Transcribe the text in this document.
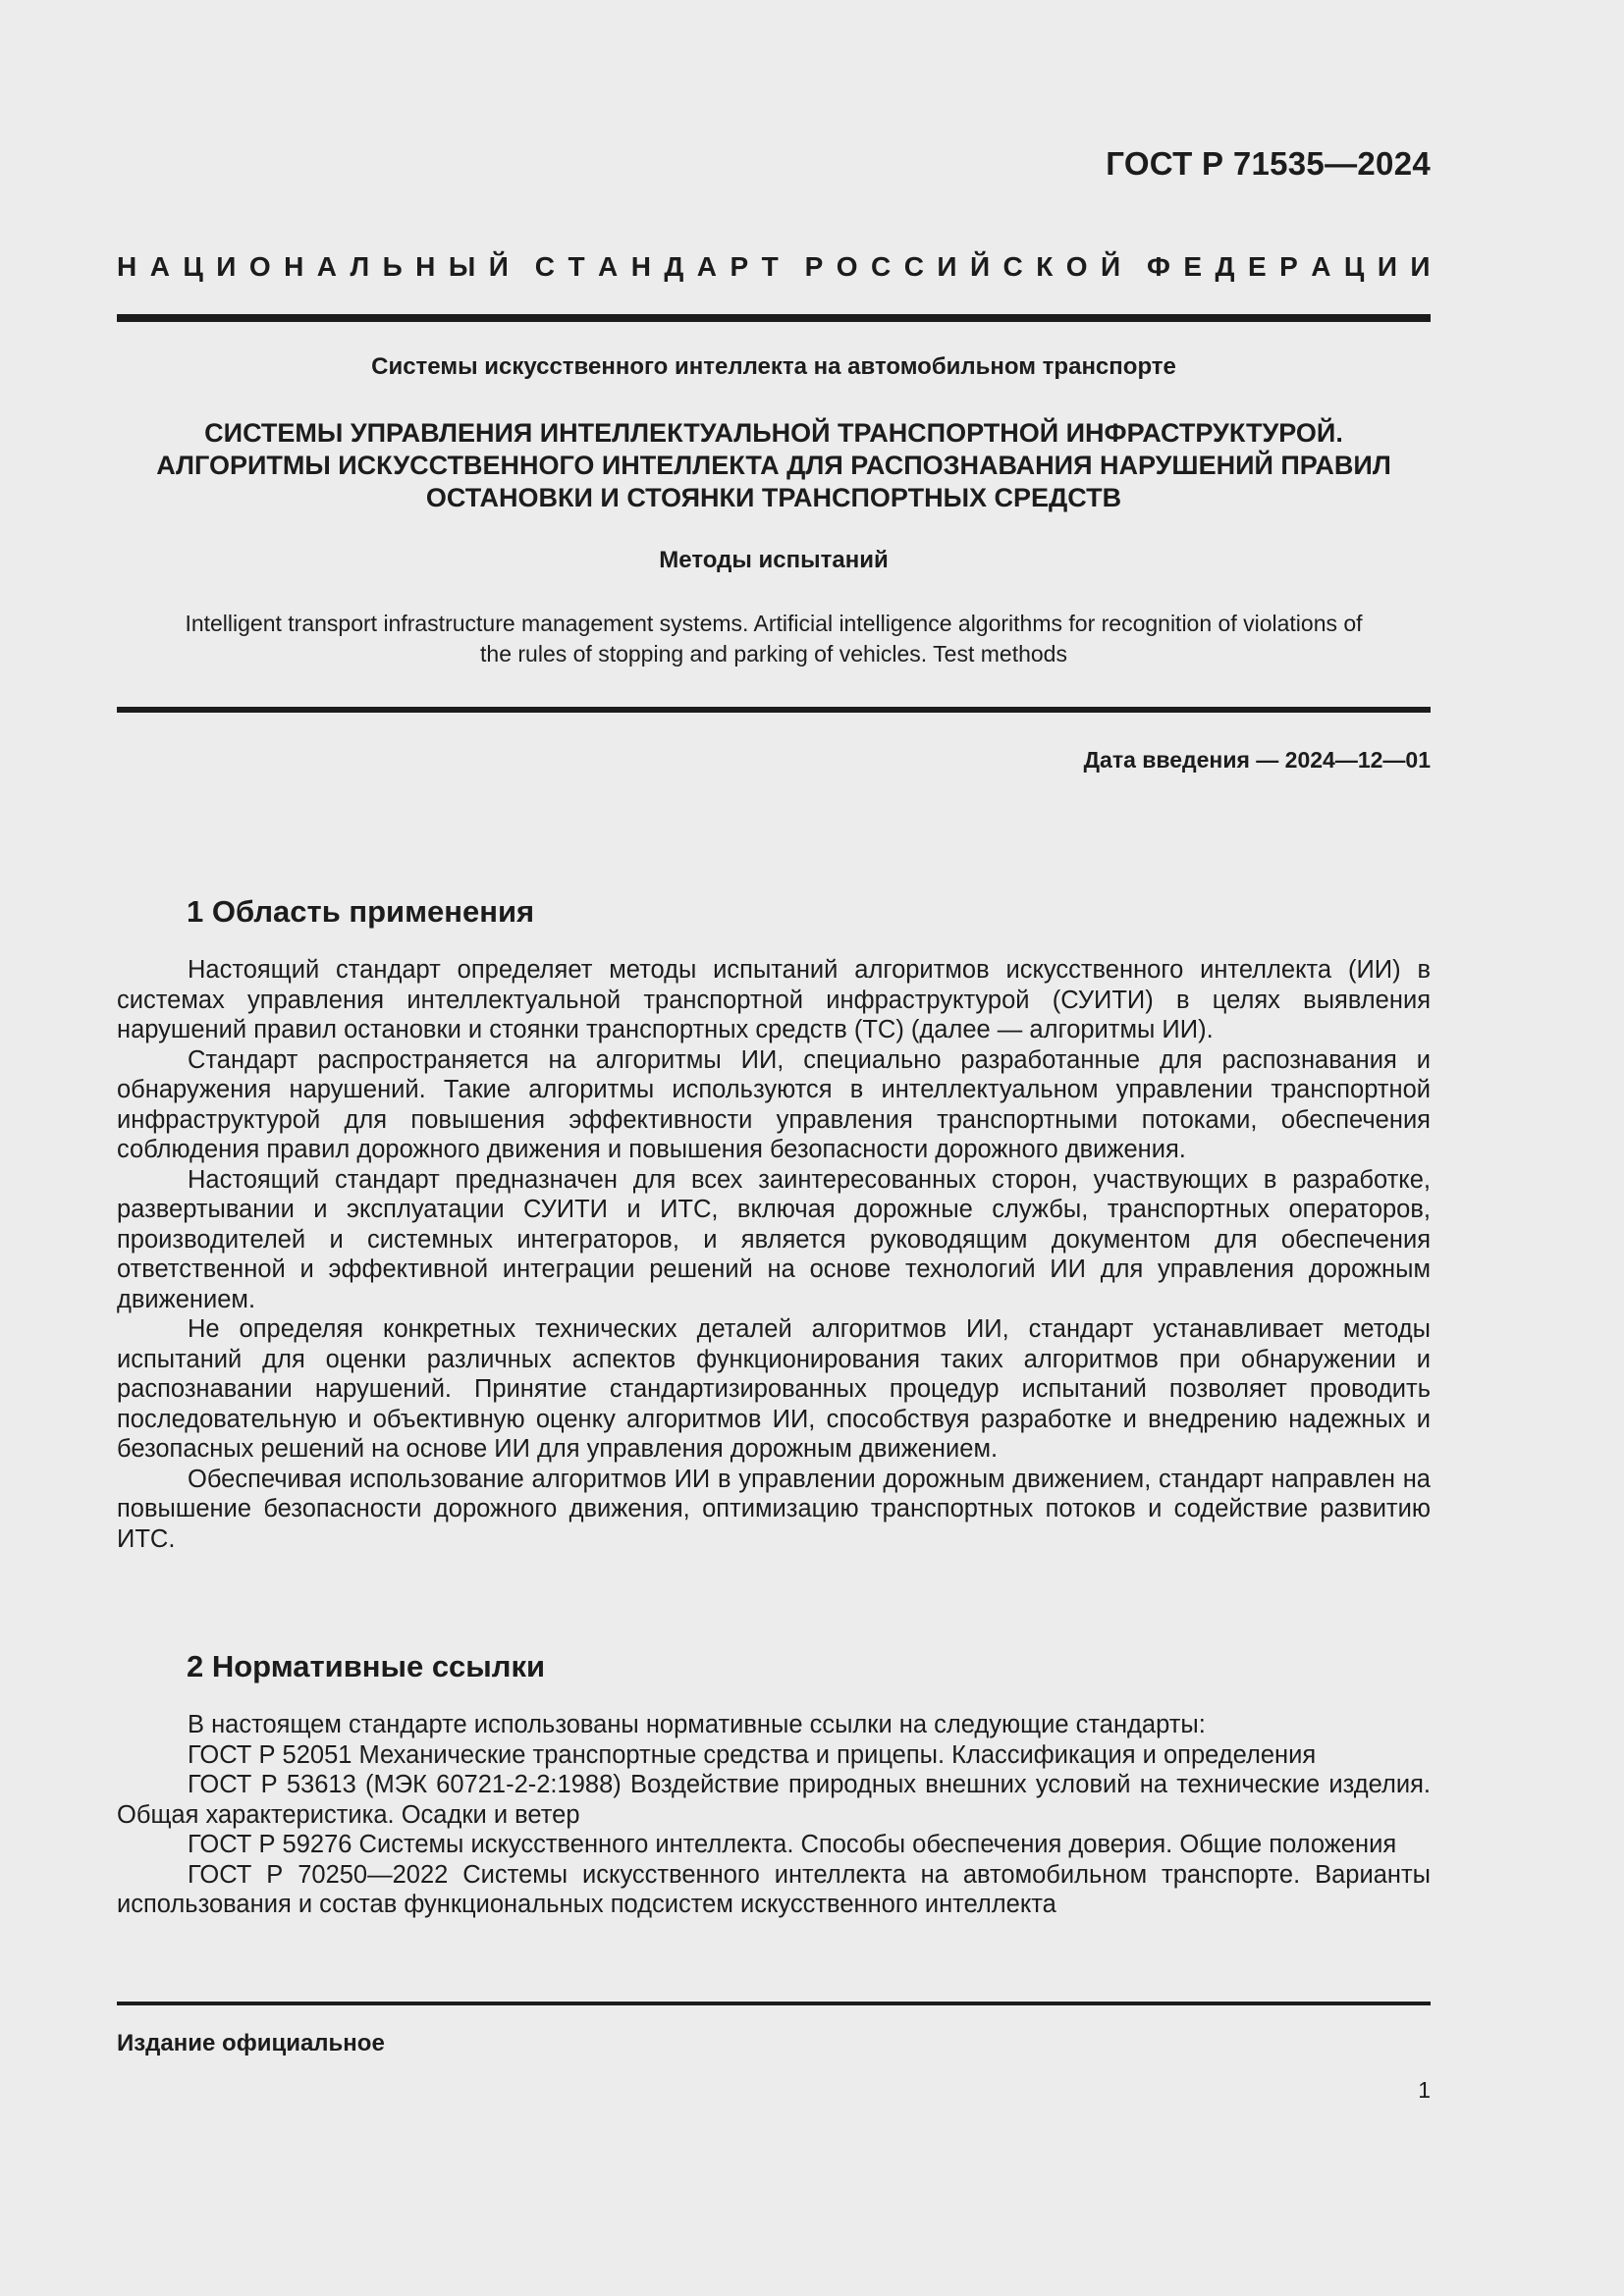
ГОСТ Р 71535—2024
Н А Ц И О Н А Л Ь Н Ы Й С Т А Н Д А Р Т Р О С С И Й С К О Й Ф Е Д Е Р А Ц И И
Системы искусственного интеллекта на автомобильном транспорте
СИСТЕМЫ УПРАВЛЕНИЯ ИНТЕЛЛЕКТУАЛЬНОЙ ТРАНСПОРТНОЙ ИНФРАСТРУКТУРОЙ.
АЛГОРИТМЫ ИСКУССТВЕННОГО ИНТЕЛЛЕКТА ДЛЯ РАСПОЗНАВАНИЯ НАРУШЕНИЙ ПРАВИЛ
ОСТАНОВКИ И СТОЯНКИ ТРАНСПОРТНЫХ СРЕДСТВ
Методы испытаний
Intelligent transport infrastructure management systems. Artificial intelligence algorithms for recognition of violations of
the rules of stopping and parking of vehicles. Test methods
Дата введения — 2024—12—01
1 Область применения

Настоящий стандарт определяет методы испытаний алгоритмов искусственного интеллекта (ИИ) в системах управления интеллектуальной транспортной инфраструктурой (СУИТИ) в целях выявления нарушений правил остановки и стоянки транспортных средств (ТС) (далее — алгоритмы ИИ).

Стандарт распространяется на алгоритмы ИИ, специально разработанные для распознавания и обнаружения нарушений. Такие алгоритмы используются в интеллектуальном управлении транспортной инфраструктурой для повышения эффективности управления транспортными потоками, обеспечения соблюдения правил дорожного движения и повышения безопасности дорожного движения.

Настоящий стандарт предназначен для всех заинтересованных сторон, участвующих в разработке, развертывании и эксплуатации СУИТИ и ИТС, включая дорожные службы, транспортных операторов, производителей и системных интеграторов, и является руководящим документом для обеспечения ответственной и эффективной интеграции решений на основе технологий ИИ для управления дорожным движением.

Не определяя конкретных технических деталей алгоритмов ИИ, стандарт устанавливает методы испытаний для оценки различных аспектов функционирования таких алгоритмов при обнаружении и распознавании нарушений. Принятие стандартизированных процедур испытаний позволяет проводить последовательную и объективную оценку алгоритмов ИИ, способствуя разработке и внедрению надежных и безопасных решений на основе ИИ для управления дорожным движением.

Обеспечивая использование алгоритмов ИИ в управлении дорожным движением, стандарт направлен на повышение безопасности дорожного движения, оптимизацию транспортных потоков и содействие развитию ИТС.

2 Нормативные ссылки

В настоящем стандарте использованы нормативные ссылки на следующие стандарты:

ГОСТ Р 52051 Механические транспортные средства и прицепы. Классификация и определения

ГОСТ Р 53613 (МЭК 60721-2-2:1988) Воздействие природных внешних условий на технические изделия. Общая характеристика. Осадки и ветер

ГОСТ Р 59276 Системы искусственного интеллекта. Способы обеспечения доверия. Общие положения

ГОСТ Р 70250—2022 Системы искусственного интеллекта на автомобильном транспорте. Варианты использования и состав функциональных подсистем искусственного интеллекта

Издание официальное
1
